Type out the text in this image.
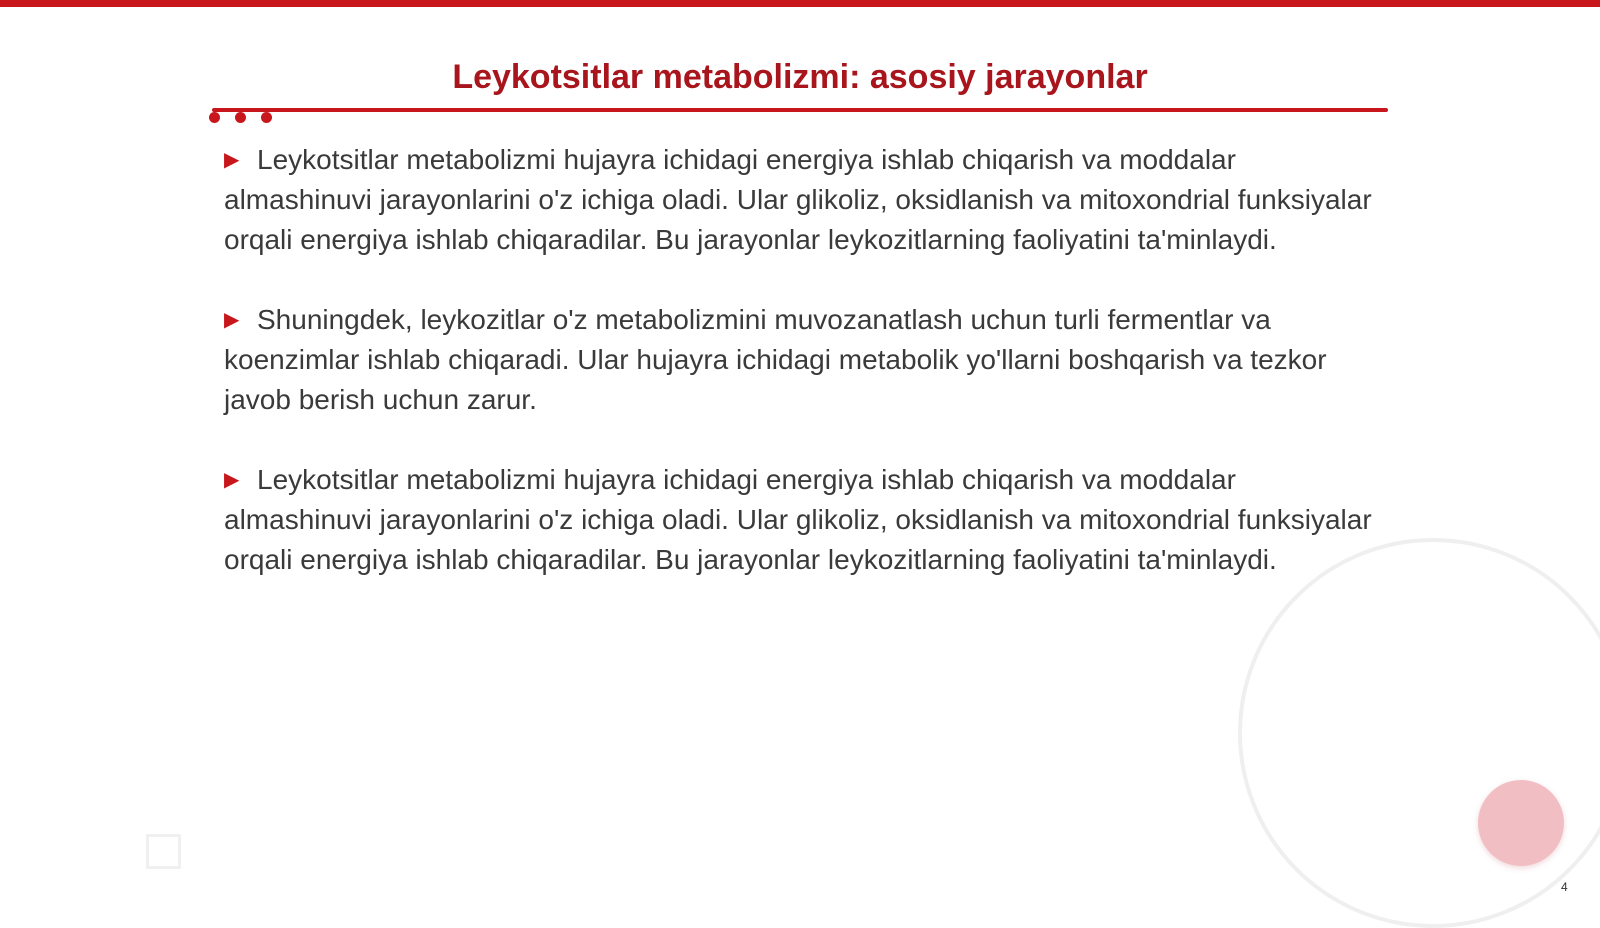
Leykotsitlar metabolizmi: asosiy jarayonlar
▶ Leykotsitlar metabolizmi hujayra ichidagi energiya ishlab chiqarish va moddalar almashinuvi jarayonlarini o'z ichiga oladi. Ular glikoliz, oksidlanish va mitoxondrial funksiyalar orqali energiya ishlab chiqaradilar. Bu jarayonlar leykozitlarning faoliyatini ta'minlaydi.
▶ Shuningdek, leykozitlar o'z metabolizmini muvozanatlash uchun turli fermentlar va koenzimlar ishlab chiqaradi. Ular hujayra ichidagi metabolik yo'llarni boshqarish va tezkor javob berish uchun zarur.
▶ Leykotsitlar metabolizmi hujayra ichidagi energiya ishlab chiqarish va moddalar almashinuvi jarayonlarini o'z ichiga oladi. Ular glikoliz, oksidlanish va mitoxondrial funksiyalar orqali energiya ishlab chiqaradilar. Bu jarayonlar leykozitlarning faoliyatini ta'minlaydi.
4
